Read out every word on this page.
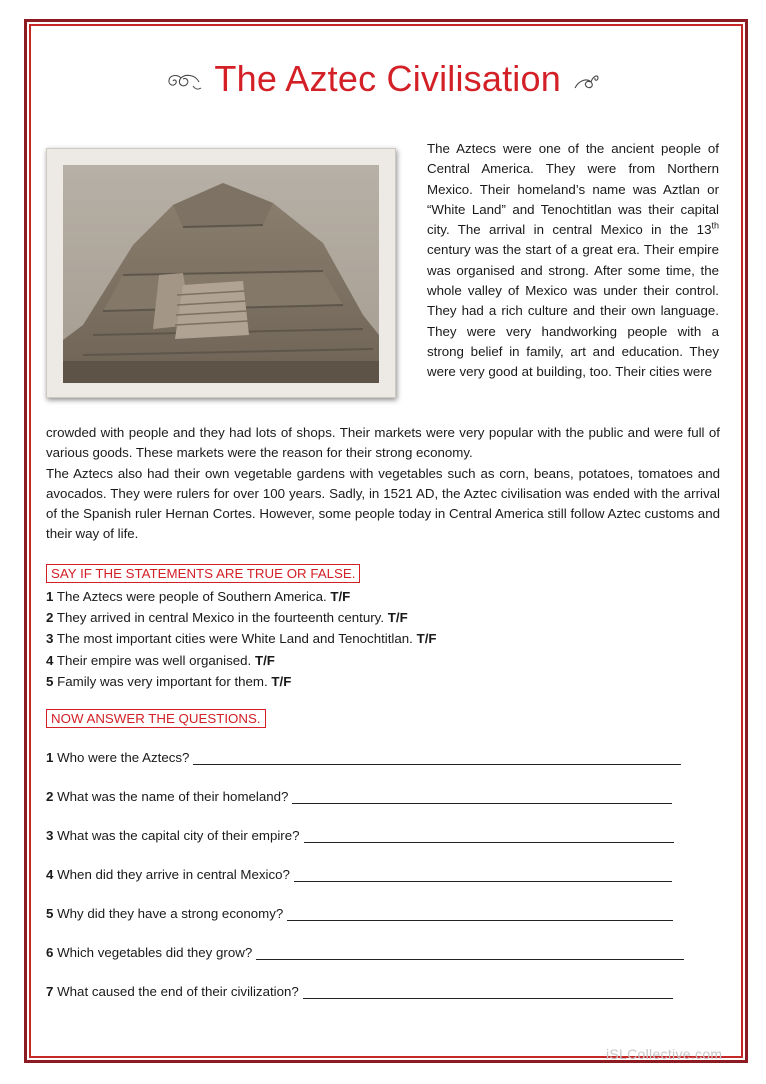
The Aztec Civilisation

The Aztecs were one of the ancient people of Central America. They were from Northern Mexico. Their homeland’s name was Aztlan or “White Land” and Tenochtitlan was their capital city. The arrival in central Mexico in the 13th century was the start of a great era. Their empire was organised and strong. After some time, the whole valley of Mexico was under their control. They had a rich culture and their own language. They were very handworking people with a strong belief in family, art and education. They were very good at building, too. Their cities were

crowded with people and they had lots of shops. Their markets were very popular with the public and were full of various goods. These markets were the reason for their strong economy.

The Aztecs also had their own vegetable gardens with vegetables such as corn, beans, potatoes, tomatoes and avocados. They were rulers for over 100 years. Sadly, in 1521 AD, the Aztec civilisation was ended with the arrival of the Spanish ruler Hernan Cortes. However, some people today in Central America still follow Aztec customs and their way of life.

SAY IF THE STATEMENTS ARE TRUE OR FALSE.
1 The Aztecs were people of Southern America. T/F
2 They arrived in central Mexico in the fourteenth century. T/F
3 The most important cities were White Land and Tenochtitlan. T/F
4 Their empire was well organised. T/F
5 Family was very important for them. T/F
NOW ANSWER THE QUESTIONS.
1
Who were the Aztecs?
2
What was the name of their homeland?
3
What was the capital city of their empire?
4
When did they arrive in central Mexico?
5
Why did they have a strong economy?
6
Which vegetables did they grow?
7
What caused the end of their civilization?
iSLCollective.com
